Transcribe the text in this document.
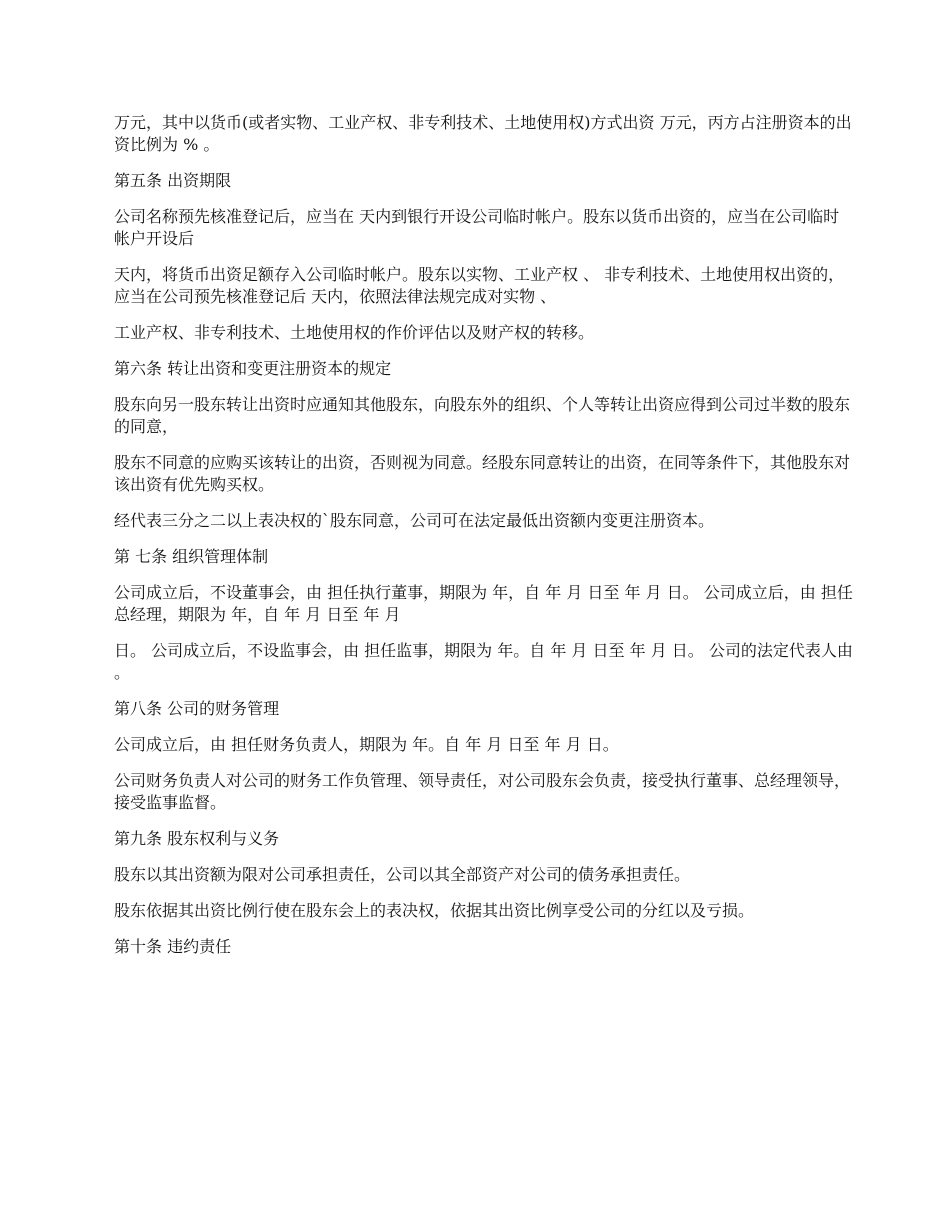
万元，其中以货币(或者实物、工业产权、非专利技术、土地使用权)方式出资 万元，丙方占注册资本的出资比例为 % 。

第五条 出资期限

公司名称预先核准登记后，应当在 天内到银行开设公司临时帐户。股东以货币出资的，应当在公司临时帐户开设后

天内，将货币出资足额存入公司临时帐户。股东以实物、工业产权 、 非专利技术、土地使用权出资的，应当在公司预先核准登记后 天内，依照法律法规完成对实物 、

工业产权、非专利技术、土地使用权的作价评估以及财产权的转移。

第六条 转让出资和变更注册资本的规定

股东向另一股东转让出资时应通知其他股东，向股东外的组织、个人等转让出资应得到公司过半数的股东的同意，

股东不同意的应购买该转让的出资，否则视为同意。经股东同意转让的出资，在同等条件下，其他股东对该出资有优先购买权。

经代表三分之二以上表决权的`股东同意，公司可在法定最低出资额内变更注册资本。

第 七条 组织管理体制

公司成立后，不设董事会，由 担任执行董事，期限为 年，自 年 月 日至 年 月 日。 公司成立后，由 担任总经理，期限为 年，自 年 月 日至 年 月

日。 公司成立后，不设监事会，由 担任监事，期限为 年。自 年 月 日至 年 月 日。 公司的法定代表人由 。

第八条 公司的财务管理

公司成立后，由 担任财务负责人，期限为 年。自 年 月 日至 年 月 日。

公司财务负责人对公司的财务工作负管理、领导责任，对公司股东会负责，接受执行董事、总经理领导，接受监事监督。

第九条 股东权利与义务

股东以其出资额为限对公司承担责任，公司以其全部资产对公司的债务承担责任。

股东依据其出资比例行使在股东会上的表决权，依据其出资比例享受公司的分红以及亏损。

第十条 违约责任
